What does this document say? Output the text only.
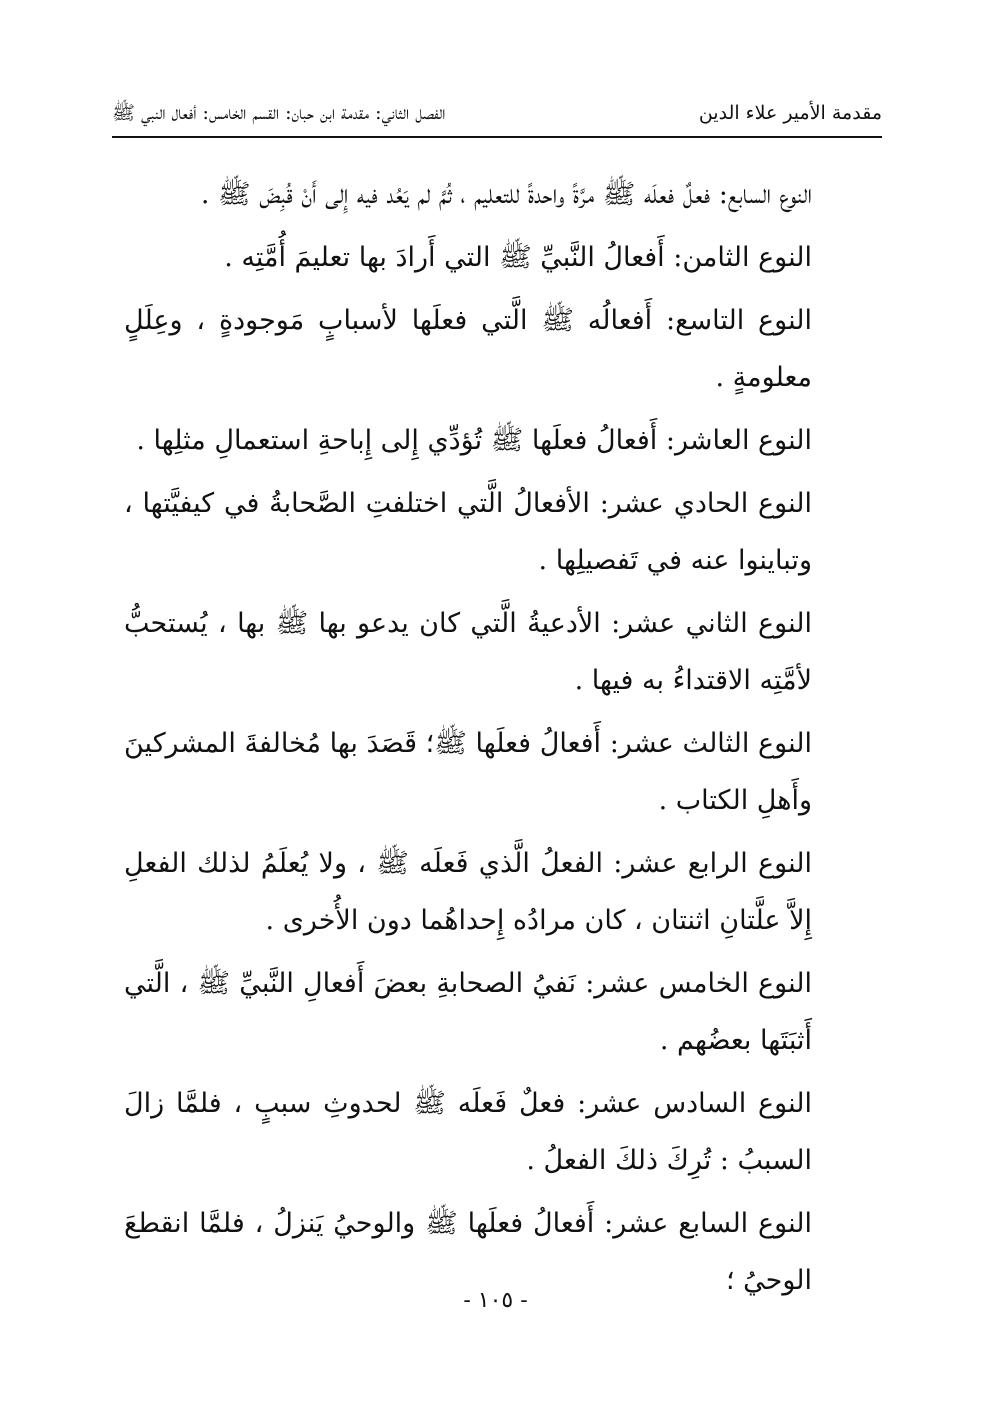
مقدمة الأمير علاء الدين
الفصل الثاني: مقدمة ابن حبان: القسم الخامس: أفعال النبي ﷺ

النوع السابع: فعلٌ فعلَه ﷺ مرَّةً واحدةً للتعليم ، ثُمَّ لم يَعُد فيه إِلى أَنْ قُبِضَ ﷺ .

النوع الثامن: أَفعالُ النَّبيِّ ﷺ التي أَرادَ بها تعليمَ أُمَّتِه .

النوع التاسع: أَفعالُه ﷺ الَّتي فعلَها لأسبابٍ مَوجودةٍ ، وعِلَلٍ معلومةٍ .

النوع العاشر: أَفعالُ فعلَها ﷺ تُؤدِّي إِلى إِباحةِ استعمالِ مثلِها .

النوع الحادي عشر: الأفعالُ الَّتي اختلفتِ الصَّحابةُ في كيفيَّتها ، وتباينوا عنه في تَفصيلِها .

النوع الثاني عشر: الأدعيةُ الَّتي كان يدعو بها ﷺ بها ، يُستحبُّ لأمَّتِه الاقتداءُ به فيها .

النوع الثالث عشر: أَفعالُ فعلَها ﷺ؛ قَصَدَ بها مُخالفةَ المشركينَ وأَهلِ الكتاب .

النوع الرابع عشر: الفعلُ الَّذي فَعلَه ﷺ ، ولا يُعلَمُ لذلك الفعلِ إِلاَّ علَّتانِ اثنتان ، كان مرادُه إِحداهُما دون الأُخرى .

النوع الخامس عشر: نَفيُ الصحابةِ بعضَ أَفعالِ النَّبيِّ ﷺ ، الَّتي أَثبَتَها بعضُهم .

النوع السادس عشر: فعلٌ فَعلَه ﷺ لحدوثِ سببٍ ، فلمَّا زالَ السببُ : تُرِكَ ذلكَ الفعلُ .

النوع السابع عشر: أَفعالُ فعلَها ﷺ والوحيُ يَنزلُ ، فلمَّا انقطعَ الوحيُ ؛

- ١٠٥ -
